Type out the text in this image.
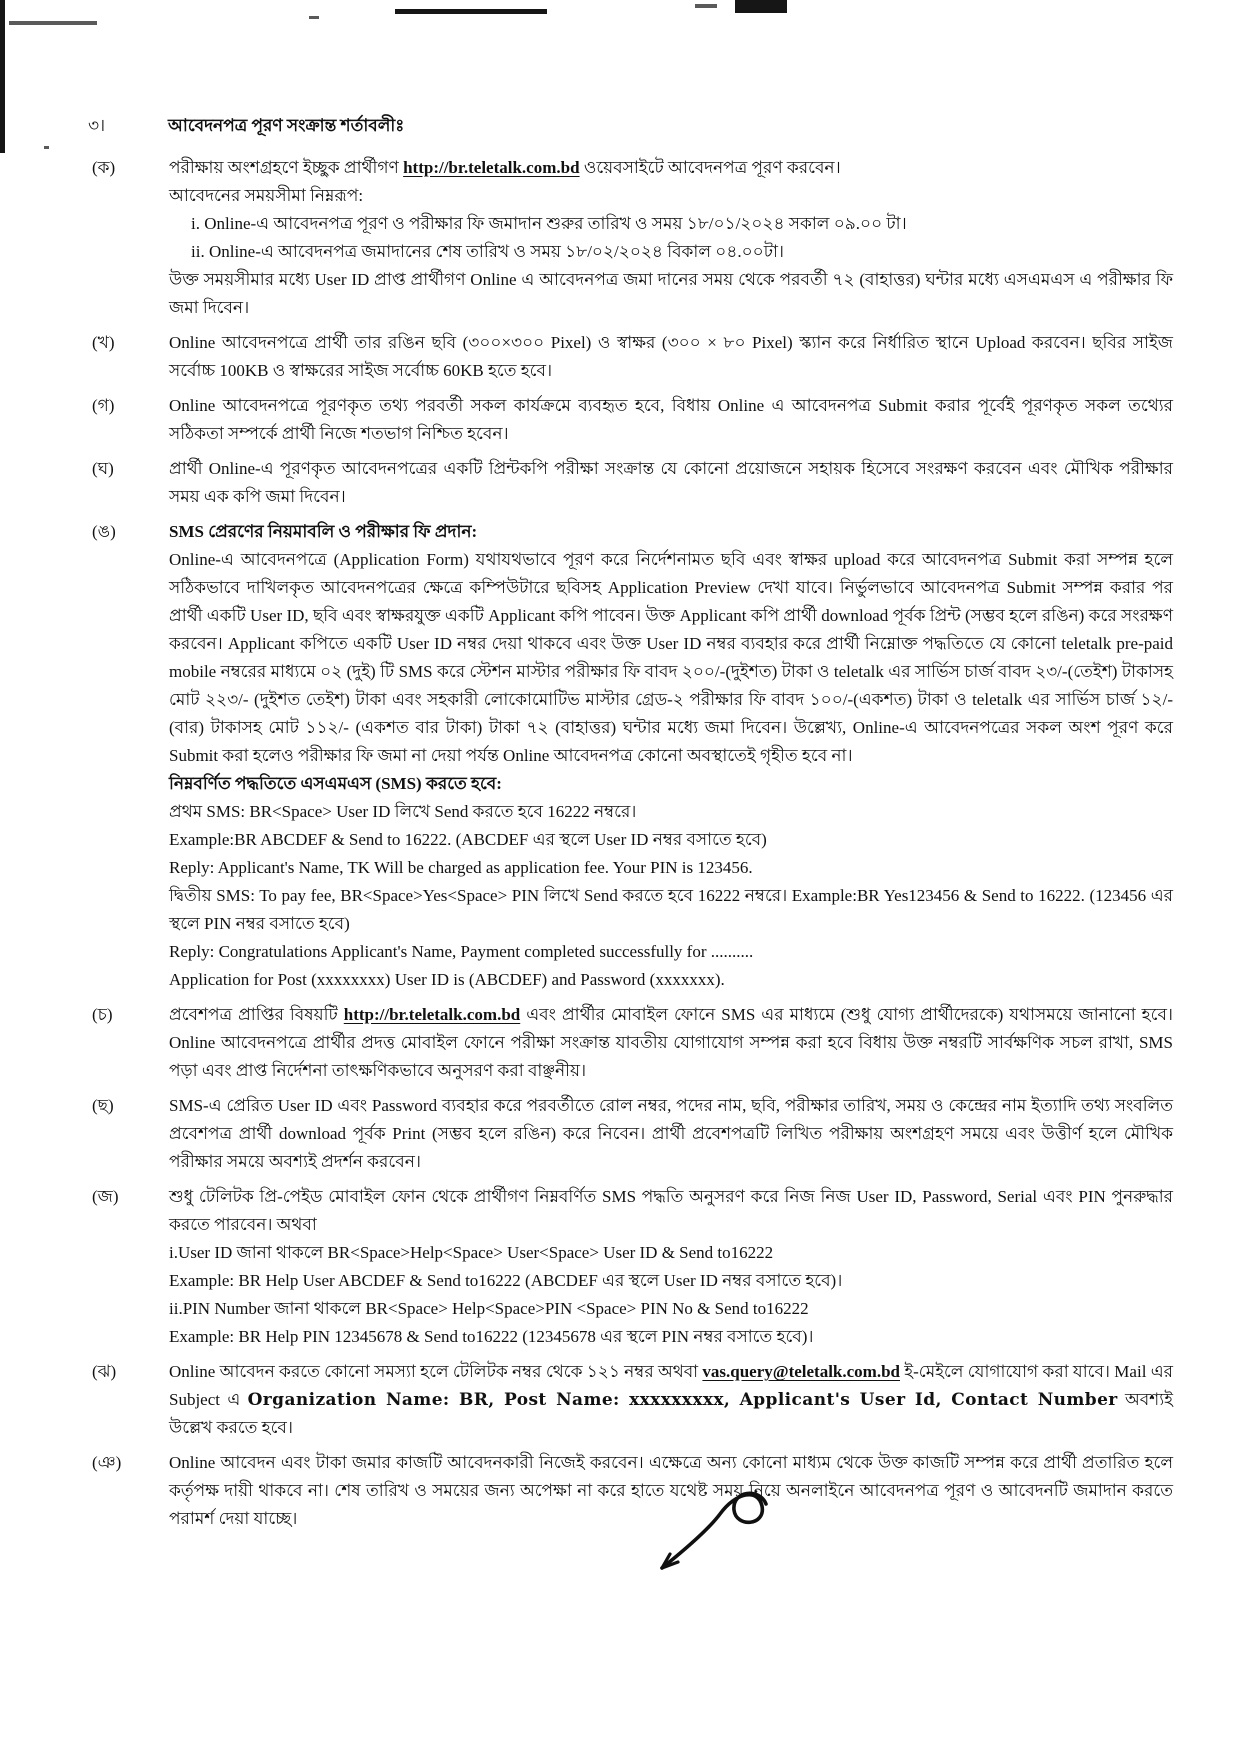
৩।	আবেদনপত্র পূরণ সংক্রান্ত শর্তাবলীঃ
(ক)	পরীক্ষায় অংশগ্রহণে ইচ্ছুক প্রার্থীগণ http://br.teletalk.com.bd ওয়েবসাইটে আবেদনপত্র পূরণ করবেন।

আবেদনের সময়সীমা নিম্নরূপ:

i. Online-এ আবেদনপত্র পূরণ ও পরীক্ষার ফি জমাদান শুরুর তারিখ ও সময় ১৮/০১/২০২৪ সকাল ০৯.০০ টা।

ii. Online-এ আবেদনপত্র জমাদানের শেষ তারিখ ও সময় ১৮/০২/২০২৪ বিকাল ০৪.০০টা।

উক্ত সময়সীমার মধ্যে User ID প্রাপ্ত প্রার্থীগণ Online এ আবেদনপত্র জমা দানের সময় থেকে পরবর্তী ৭২ (বাহাত্তর) ঘন্টার মধ্যে এসএমএস এ পরীক্ষার ফি জমা দিবেন।

(খ)	Online আবেদনপত্রে প্রার্থী তার রঙিন ছবি (৩০০×৩০০ Pixel) ও স্বাক্ষর (৩০০ × ৮০ Pixel) স্ক্যান করে নির্ধারিত স্থানে Upload করবেন। ছবির সাইজ সর্বোচ্চ 100KB ও স্বাক্ষরের সাইজ সর্বোচ্চ 60KB হতে হবে।

(গ)	Online আবেদনপত্রে পূরণকৃত তথ্য পরবর্তী সকল কার্যক্রমে ব্যবহৃত হবে, বিধায় Online এ আবেদনপত্র Submit করার পূর্বেই পূরণকৃত সকল তথ্যের সঠিকতা সম্পর্কে প্রার্থী নিজে শতভাগ নিশ্চিত হবেন।

(ঘ)	প্রার্থী Online-এ পূরণকৃত আবেদনপত্রের একটি প্রিন্টকপি পরীক্ষা সংক্রান্ত যে কোনো প্রয়োজনে সহায়ক হিসেবে সংরক্ষণ করবেন এবং মৌখিক পরীক্ষার সময় এক কপি জমা দিবেন।

(ঙ)	SMS প্রেরণের নিয়মাবলি ও পরীক্ষার ফি প্রদান:

Online-এ আবেদনপত্রে (Application Form) যথাযথভাবে পূরণ করে নির্দেশনামত ছবি এবং স্বাক্ষর upload করে আবেদনপত্র Submit করা সম্পন্ন হলে সঠিকভাবে দাখিলকৃত আবেদনপত্রের ক্ষেত্রে কম্পিউটারে ছবিসহ Application Preview দেখা যাবে। নির্ভুলভাবে আবেদনপত্র Submit সম্পন্ন করার পর প্রার্থী একটি User ID, ছবি এবং স্বাক্ষরযুক্ত একটি Applicant কপি পাবেন। উক্ত Applicant কপি প্রার্থী download পূর্বক প্রিন্ট (সম্ভব হলে রঙিন) করে সংরক্ষণ করবেন। Applicant কপিতে একটি User ID নম্বর দেয়া থাকবে এবং উক্ত User ID নম্বর ব্যবহার করে প্রার্থী নিম্নোক্ত পদ্ধতিতে যে কোনো teletalk pre-paid mobile নম্বরের মাধ্যমে ০২ (দুই) টি SMS করে স্টেশন মাস্টার পরীক্ষার ফি বাবদ ২০০/-(দুইশত) টাকা ও teletalk এর সার্ভিস চার্জ বাবদ ২৩/-(তেইশ) টাকাসহ মোট ২২৩/- (দুইশত তেইশ) টাকা এবং সহকারী লোকোমোটিভ মাস্টার গ্রেড-২ পরীক্ষার ফি বাবদ ১০০/-(একশত) টাকা ও teletalk এর সার্ভিস চার্জ ১২/-(বার) টাকাসহ মোট ১১২/- (একশত বার টাকা) টাকা ৭২ (বাহাত্তর) ঘন্টার মধ্যে জমা দিবেন। উল্লেখ্য, Online-এ আবেদনপত্রের সকল অংশ পূরণ করে Submit করা হলেও পরীক্ষার ফি জমা না দেয়া পর্যন্ত Online আবেদনপত্র কোনো অবস্থাতেই গৃহীত হবে না।

নিম্নবর্ণিত পদ্ধতিতে এসএমএস (SMS) করতে হবে:

প্রথম SMS: BR<Space> User ID লিখে Send করতে হবে 16222 নম্বরে।

Example:BR ABCDEF & Send to 16222. (ABCDEF এর স্থলে User ID নম্বর বসাতে হবে)

Reply: Applicant's Name, TK Will be charged as application fee. Your PIN is 123456.

দ্বিতীয় SMS: To pay fee, BR<Space>Yes<Space> PIN লিখে Send করতে হবে 16222 নম্বরে। Example:BR Yes123456 & Send to 16222. (123456 এর স্থলে PIN নম্বর বসাতে হবে)

Reply: Congratulations Applicant's Name, Payment completed successfully for ..........

Application for Post (xxxxxxxx) User ID is (ABCDEF) and Password (xxxxxxx).

(চ)	প্রবেশপত্র প্রাপ্তির বিষয়টি http://br.teletalk.com.bd এবং প্রার্থীর মোবাইল ফোনে SMS এর মাধ্যমে (শুধু যোগ্য প্রার্থীদেরকে) যথাসময়ে জানানো হবে। Online আবেদনপত্রে প্রার্থীর প্রদত্ত মোবাইল ফোনে পরীক্ষা সংক্রান্ত যাবতীয় যোগাযোগ সম্পন্ন করা হবে বিধায় উক্ত নম্বরটি সার্বক্ষণিক সচল রাখা, SMS পড়া এবং প্রাপ্ত নির্দেশনা তাৎক্ষণিকভাবে অনুসরণ করা বাঞ্ছনীয়।

(ছ)	SMS-এ প্রেরিত User ID এবং Password ব্যবহার করে পরবর্তীতে রোল নম্বর, পদের নাম, ছবি, পরীক্ষার তারিখ, সময় ও কেন্দ্রের নাম ইত্যাদি তথ্য সংবলিত প্রবেশপত্র প্রার্থী download পূর্বক Print (সম্ভব হলে রঙিন) করে নিবেন। প্রার্থী প্রবেশপত্রটি লিখিত পরীক্ষায় অংশগ্রহণ সময়ে এবং উত্তীর্ণ হলে মৌখিক পরীক্ষার সময়ে অবশ্যই প্রদর্শন করবেন।

(জ)	শুধু টেলিটক প্রি-পেইড মোবাইল ফোন থেকে প্রার্থীগণ নিম্নবর্ণিত SMS পদ্ধতি অনুসরণ করে নিজ নিজ User ID, Password, Serial এবং PIN পুনরুদ্ধার করতে পারবেন। অথবা

i.User ID জানা থাকলে BR<Space>Help<Space> User<Space> User ID & Send to16222

Example: BR Help User ABCDEF & Send to16222 (ABCDEF এর স্থলে User ID নম্বর বসাতে হবে)।

ii.PIN Number জানা থাকলে BR<Space> Help<Space>PIN <Space> PIN No & Send to16222

Example: BR Help PIN 12345678 & Send to16222 (12345678 এর স্থলে PIN নম্বর বসাতে হবে)।

(ঝ)	Online আবেদন করতে কোনো সমস্যা হলে টেলিটক নম্বর থেকে ১২১ নম্বর অথবা vas.query@teletalk.com.bd ই-মেইলে যোগাযোগ করা যাবে। Mail এর Subject এ Organization Name: BR, Post Name: xxxxxxxxx, Applicant's User Id, Contact Number অবশ্যই উল্লেখ করতে হবে।

(ঞ)	Online আবেদন এবং টাকা জমার কাজটি আবেদনকারী নিজেই করবেন। এক্ষেত্রে অন্য কোনো মাধ্যম থেকে উক্ত কাজটি সম্পন্ন করে প্রার্থী প্রতারিত হলে কর্তৃপক্ষ দায়ী থাকবে না। শেষ তারিখ ও সময়ের জন্য অপেক্ষা না করে হাতে যথেষ্ট সময় নিয়ে অনলাইনে আবেদনপত্র পূরণ ও আবেদনটি জমাদান করতে পরামর্শ দেয়া যাচ্ছে।
